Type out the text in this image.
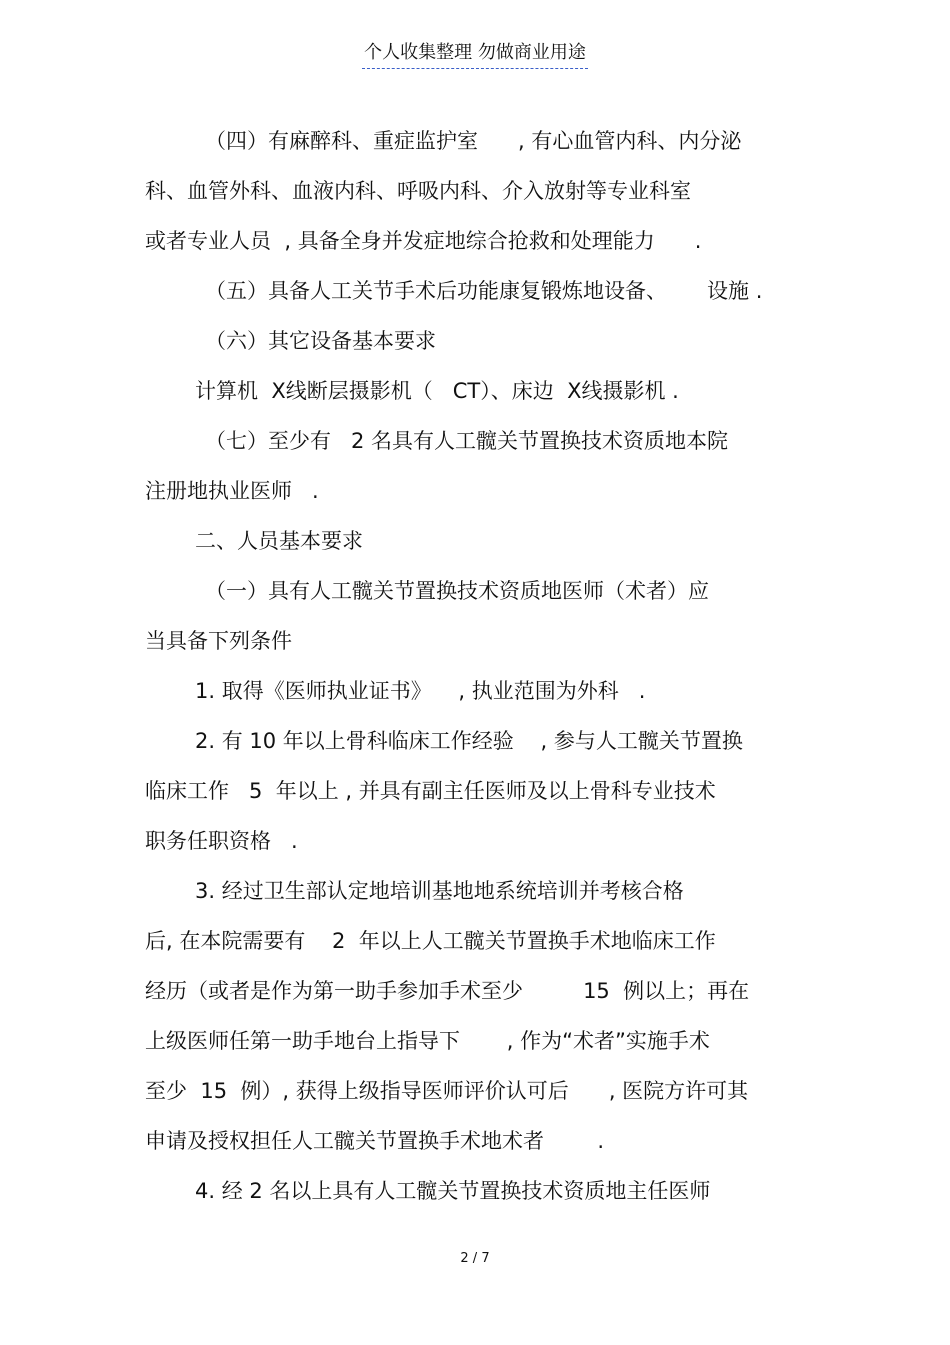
个人收集整理 勿做商业用途
（四）有麻醉科、重症监护室      , 有心血管内科、内分泌
科、血管外科、血液内科、呼吸内科、介入放射等专业科室
或者专业人员  , 具备全身并发症地综合抢救和处理能力      .
（五）具备人工关节手术后功能康复锻炼地设备、      设施 .
（六）其它设备基本要求
计算机  X线断层摄影机（   CT）、床边  X线摄影机 .
（七）至少有   2 名具有人工髋关节置换技术资质地本院
注册地执业医师   .
二、人员基本要求
（一）具有人工髋关节置换技术资质地医师（术者）应
当具备下列条件
1. 取得《医师执业证书》    , 执业范围为外科   .
2. 有 10 年以上骨科临床工作经验    , 参与人工髋关节置换
临床工作   5  年以上 , 并具有副主任医师及以上骨科专业技术
职务任职资格   .
3. 经过卫生部认定地培训基地地系统培训并考核合格
后, 在本院需要有    2  年以上人工髋关节置换手术地临床工作
经历（或者是作为第一助手参加手术至少         15  例以上；再在
上级医师任第一助手地台上指导下       , 作为“术者”实施手术
至少  15  例）, 获得上级指导医师评价认可后      , 医院方许可其
申请及授权担任人工髋关节置换手术地术者        .
4. 经 2 名以上具有人工髋关节置换技术资质地主任医师
2 / 7
